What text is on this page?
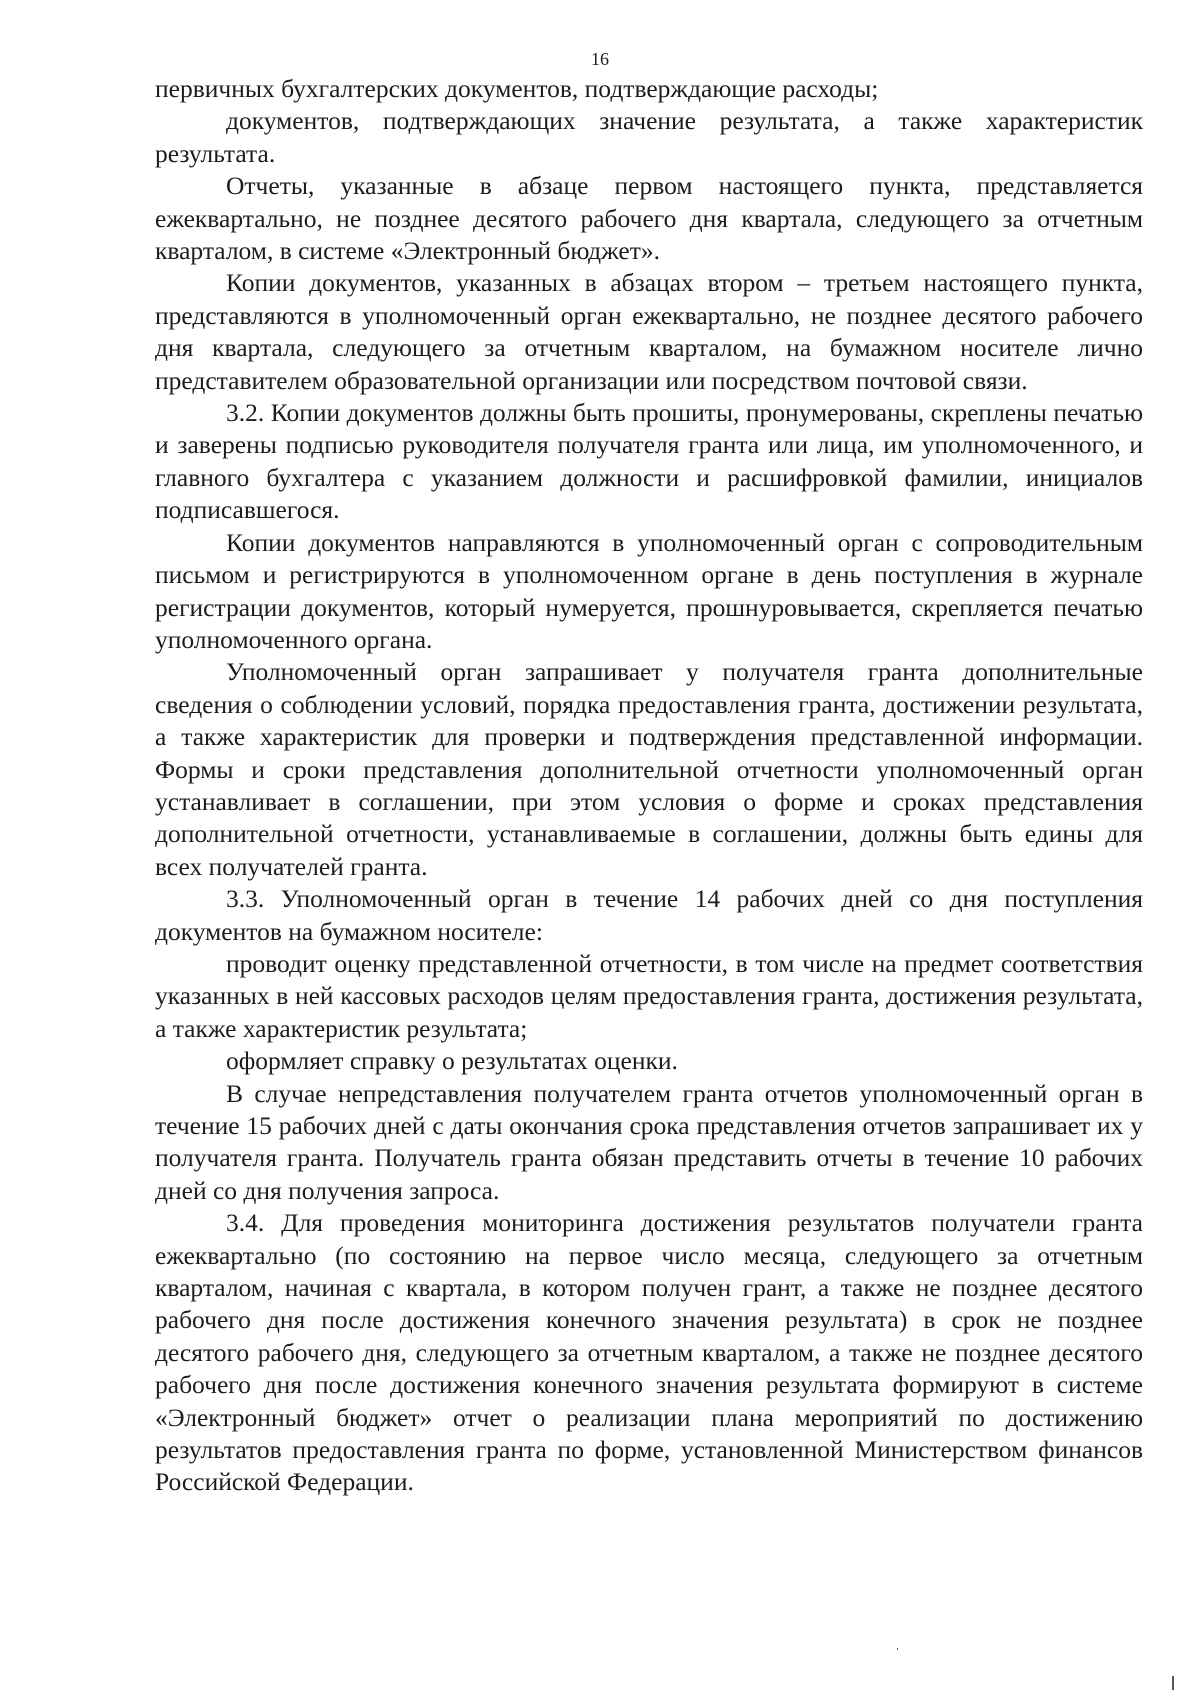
16

первичных бухгалтерских документов, подтверждающие расходы;

документов, подтверждающих значение результата, а также характеристик результата.

Отчеты, указанные в абзаце первом настоящего пункта, представляется ежеквартально, не позднее десятого рабочего дня квартала, следующего за отчетным кварталом, в системе «Электронный бюджет».

Копии документов, указанных в абзацах втором – третьем настоящего пункта, представляются в уполномоченный орган ежеквартально, не позднее десятого рабочего дня квартала, следующего за отчетным кварталом, на бумажном носителе лично представителем образовательной организации или посредством почтовой связи.

3.2. Копии документов должны быть прошиты, пронумерованы, скреплены печатью и заверены подписью руководителя получателя гранта или лица, им уполномоченного, и главного бухгалтера с указанием должности и расшифровкой фамилии, инициалов подписавшегося.

Копии документов направляются в уполномоченный орган с сопроводительным письмом и регистрируются в уполномоченном органе в день поступления в журнале регистрации документов, который нумеруется, прошнуровывается, скрепляется печатью уполномоченного органа.

Уполномоченный орган запрашивает у получателя гранта дополнительные сведения о соблюдении условий, порядка предоставления гранта, достижении результата, а также характеристик для проверки и подтверждения представленной информации. Формы и сроки представления дополнительной отчетности уполномоченный орган устанавливает в соглашении, при этом условия о форме и сроках представления дополнительной отчетности, устанавливаемые в соглашении, должны быть едины для всех получателей гранта.

3.3. Уполномоченный орган в течение 14 рабочих дней со дня поступления документов на бумажном носителе:

проводит оценку представленной отчетности, в том числе на предмет соответствия указанных в ней кассовых расходов целям предоставления гранта, достижения результата, а также характеристик результата;

оформляет справку о результатах оценки.

В случае непредставления получателем гранта отчетов уполномоченный орган в течение 15 рабочих дней с даты окончания срока представления отчетов запрашивает их у получателя гранта. Получатель гранта обязан представить отчеты в течение 10 рабочих дней со дня получения запроса.

3.4. Для проведения мониторинга достижения результатов получатели гранта ежеквартально (по состоянию на первое число месяца, следующего за отчетным кварталом, начиная с квартала, в котором получен грант, а также не позднее десятого рабочего дня после достижения конечного значения результата) в срок не позднее десятого рабочего дня, следующего за отчетным кварталом, а также не позднее десятого рабочего дня после достижения конечного значения результата формируют в системе «Электронный бюджет» отчет о реализации плана мероприятий по достижению результатов предоставления гранта по форме, установленной Министерством финансов Российской Федерации.
